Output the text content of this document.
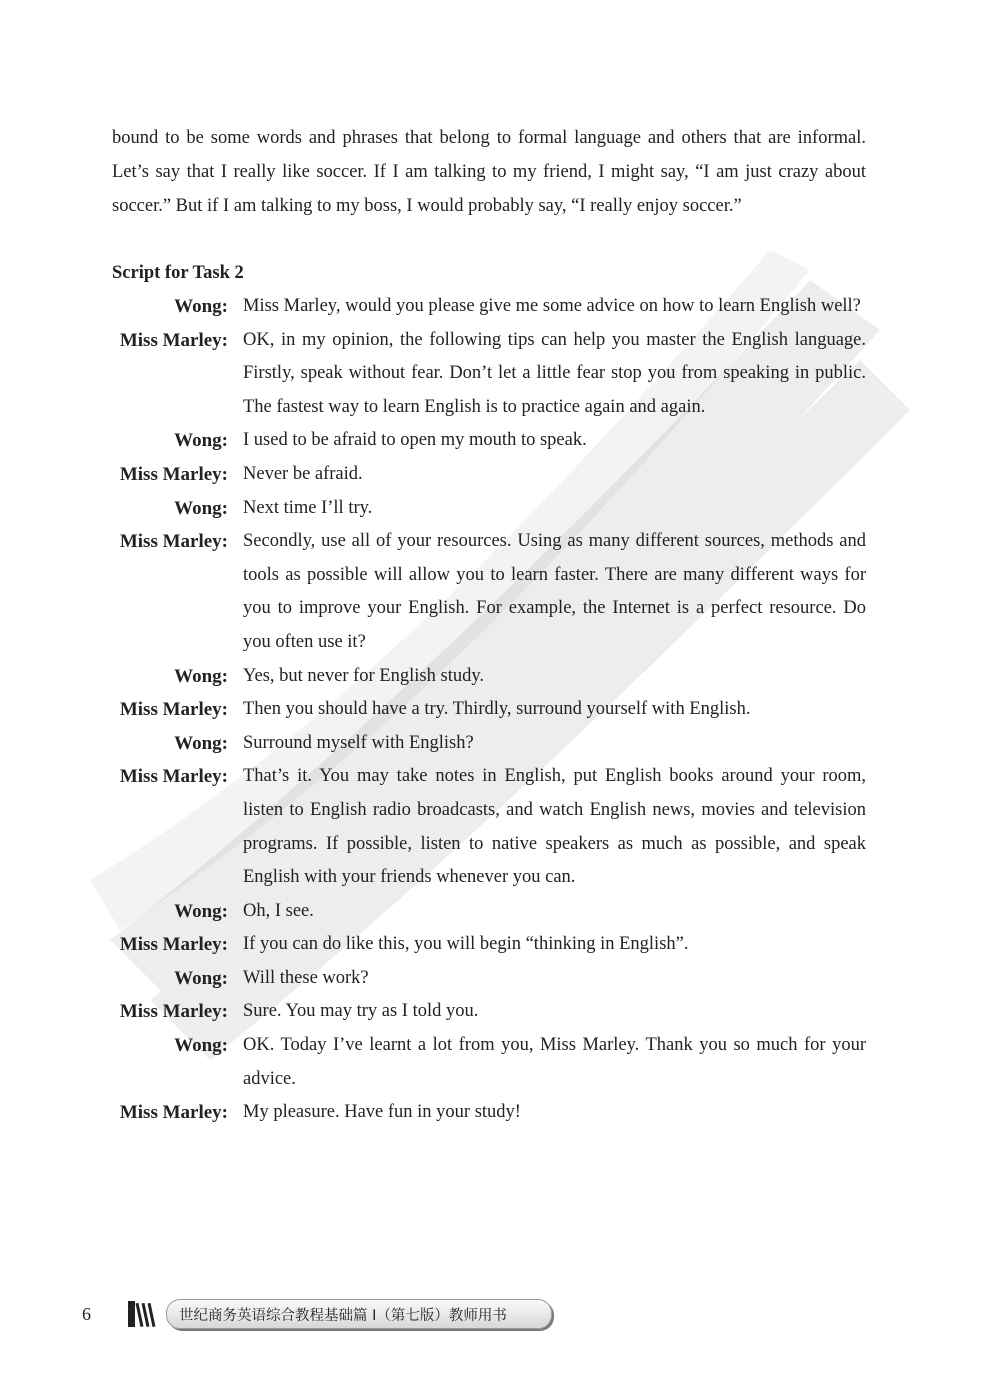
bound to be some words and phrases that belong to formal language and others that are informal. Let’s say that I really like soccer. If I am talking to my friend, I might say, “I am just crazy about soccer.” But if I am talking to my boss, I would probably say, “I really enjoy soccer.”

Script for Task 2
Wong: Miss Marley, would you please give me some advice on how to learn English well?
Miss Marley: OK, in my opinion, the following tips can help you master the English language. Firstly, speak without fear. Don’t let a little fear stop you from speaking in public. The fastest way to learn English is to practice again and again.
Wong: I used to be afraid to open my mouth to speak.
Miss Marley: Never be afraid.
Wong: Next time I’ll try.
Miss Marley: Secondly, use all of your resources. Using as many different sources, methods and tools as possible will allow you to learn faster. There are many different ways for you to improve your English. For example, the Internet is a perfect resource. Do you often use it?
Wong: Yes, but never for English study.
Miss Marley: Then you should have a try. Thirdly, surround yourself with English.
Wong: Surround myself with English?
Miss Marley: That’s it. You may take notes in English, put English books around your room, listen to English radio broadcasts, and watch English news, movies and television programs. If possible, listen to native speakers as much as possible, and speak English with your friends whenever you can.
Wong: Oh, I see.
Miss Marley: If you can do like this, you will begin “thinking in English”.
Wong: Will these work?
Miss Marley: Sure. You may try as I told you.
Wong: OK. Today I’ve learnt a lot from you, Miss Marley. Thank you so much for your advice.
Miss Marley: My pleasure. Have fun in your study!
6	世纪商务英语综合教程基础篇 I（第七版）教师用书
